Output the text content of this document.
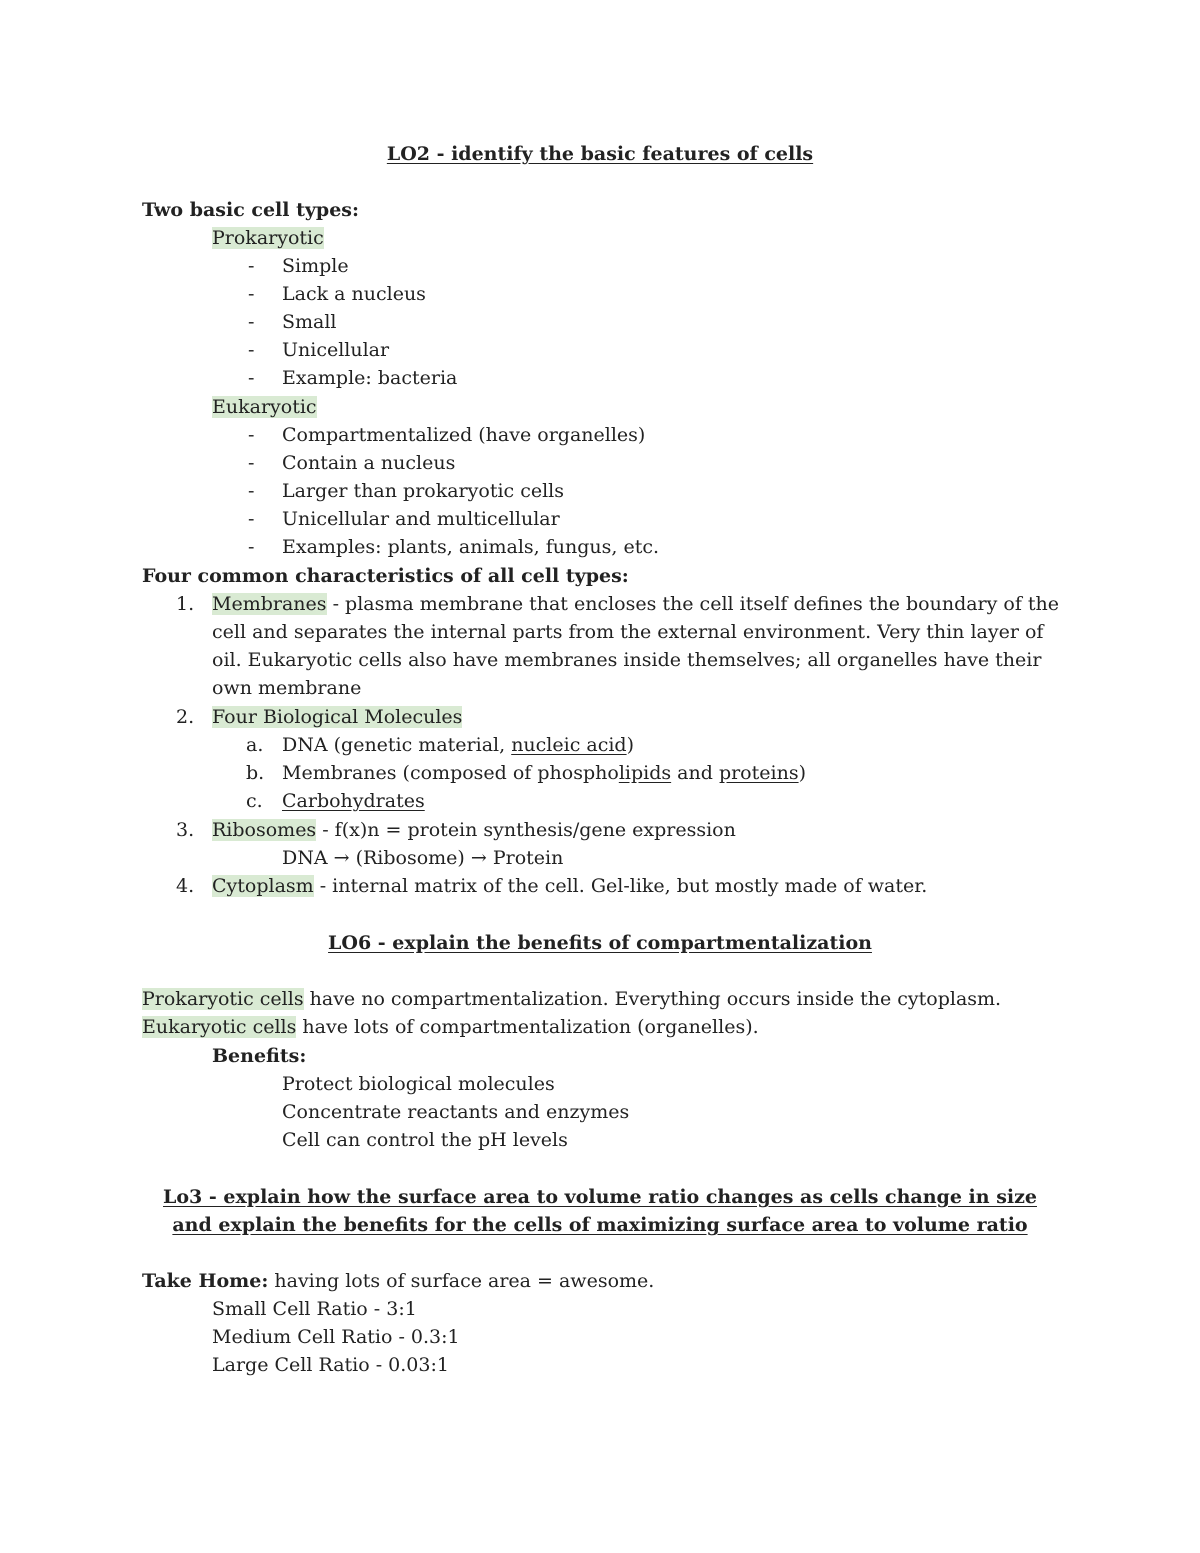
LO2 - identify the basic features of cells
Two basic cell types:
Prokaryotic
- Simple
- Lack a nucleus
- Small
- Unicellular
- Example: bacteria
Eukaryotic
- Compartmentalized (have organelles)
- Contain a nucleus
- Larger than prokaryotic cells
- Unicellular and multicellular
- Examples: plants, animals, fungus, etc.
Four common characteristics of all cell types:
1. Membranes - plasma membrane that encloses the cell itself defines the boundary of the
cell and separates the internal parts from the external environment. Very thin layer of
oil. Eukaryotic cells also have membranes inside themselves; all organelles have their
own membrane
2. Four Biological Molecules
a. DNA (genetic material, nucleic acid)
b. Membranes (composed of phospholipids and proteins)
c. Carbohydrates
3. Ribosomes - f(x)n = protein synthesis/gene expression
DNA → (Ribosome) → Protein
4. Cytoplasm - internal matrix of the cell. Gel-like, but mostly made of water.
LO6 - explain the benefits of compartmentalization
Prokaryotic cells have no compartmentalization. Everything occurs inside the cytoplasm.
Eukaryotic cells have lots of compartmentalization (organelles).
Benefits:
Protect biological molecules
Concentrate reactants and enzymes
Cell can control the pH levels
Lo3 - explain how the surface area to volume ratio changes as cells change in size
and explain the benefits for the cells of maximizing surface area to volume ratio
Take Home: having lots of surface area = awesome.
Small Cell Ratio - 3:1
Medium Cell Ratio - 0.3:1
Large Cell Ratio - 0.03:1
